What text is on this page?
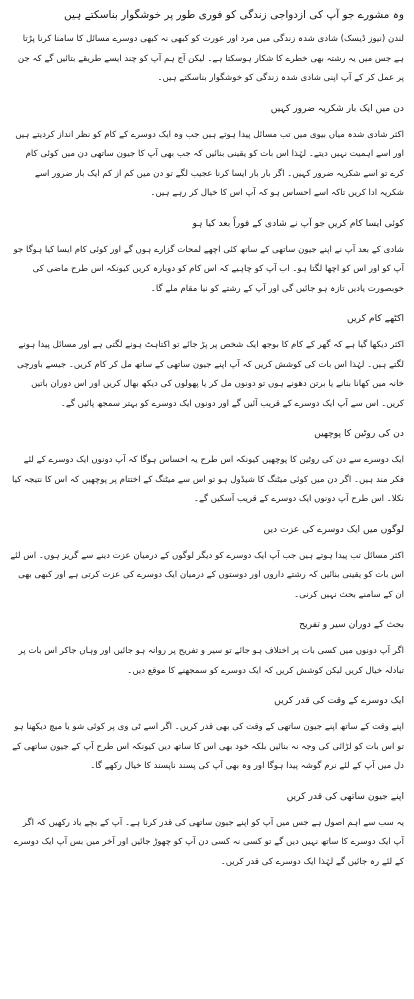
وہ مشورے جو آپ کی ازدواجی زندگی کو فوری طور پر خوشگوار بناسکتے ہیں

لندن (نیوز ڈیسک) شادی شدہ زندگی میں مرد اور عورت کو کبھی نہ کبھی دوسرے مسائل کا سامنا کرنا پڑتا ہے جس میں یہ رشتہ بھی خطرے کا شکار ہوسکتا ہے۔ لیکن آج ہم آپ کو چند ایسے طریقے بتائیں گے کہ جن پر عمل کر کے آپ اپنی شادی شدہ زندگی کو خوشگوار بناسکتے ہیں۔

دن میں ایک بار شکریہ ضرور کہیں

اکثر شادی شدہ میاں بیوی میں تب مسائل پیدا ہوتے ہیں جب وہ ایک دوسرے کے کام کو نظر انداز کردیتے ہیں اور اسے اہمیت نہیں دیتے۔ لہٰذا اس بات کو یقینی بنائیں کہ جب بھی آپ کا جیون ساتھی دن میں کوئی کام کرے تو اسے شکریہ ضرور کہیں۔ اگر بار بار ایسا کرنا عجیب لگے تو دن میں کم از کم ایک بار ضرور اسے شکریہ ادا کریں تاکہ اسے احساس ہو کہ آپ اس کا خیال کر رہے ہیں۔

کوئی ایسا کام کریں جو آپ نے شادی کے فوراً بعد کیا ہو

شادی کے بعد آپ نے اپنے جیون ساتھی کے ساتھ کئی اچھے لمحات گزارے ہوں گے اور کوئی کام ایسا کیا ہوگا جو آپ کو اور اس کو اچھا لگتا ہو۔ اب آپ کو چاہیے کہ اس کام کو دوبارہ کریں کیونکہ اس طرح ماضی کی خوبصورت یادیں تازہ ہو جائیں گی اور آپ کے رشتے کو نیا مقام ملے گا۔

اکٹھے کام کریں

اکثر دیکھا گیا ہے کہ گھر کے کام کا بوجھ ایک شخص پر پڑ جائے تو اکتاہٹ ہونے لگتی ہے اور مسائل پیدا ہونے لگتے ہیں۔ لہٰذا اس بات کی کوشش کریں کہ آپ اپنے جیون ساتھی کے ساتھ مل کر کام کریں۔ جیسے باورچی خانہ میں کھانا بنانے یا برتن دھونے ہوں تو دونوں مل کر یا پھولوں کی دیکھ بھال کریں اور اس دوران باتیں کریں۔ اس سے آپ ایک دوسرے کے قریب آئیں گے اور دونوں ایک دوسرے کو بہتر سمجھ پائیں گے۔

دن کی روٹین کا پوچھیں

ایک دوسرے سے دن کی روٹین کا پوچھیں کیونکہ اس طرح یہ احساس ہوگا کہ آپ دونوں ایک دوسرے کے لئے فکر مند ہیں۔ اگر دن میں کوئی میٹنگ کا شیڈول ہو تو اس سے میٹنگ کے اختتام پر پوچھیں کہ اس کا نتیجہ کیا نکلا۔ اس طرح آپ دونوں ایک دوسرے کے قریب آسکیں گے۔

لوگوں میں ایک دوسرے کی عزت دیں

اکثر مسائل تب پیدا ہوتے ہیں جب آپ ایک دوسرے کو دیگر لوگوں کے درمیان عزت دینے سے گریز ہوں۔ اس لئے اس بات کو یقینی بنائیں کہ رشتے داروں اور دوستوں کے درمیان ایک دوسرے کی عزت کرتی ہے اور کبھی بھی ان کے سامنے بحث نہیں کرنی۔

بحث کے دوران سیر و تفریح

اگر آپ دونوں میں کسی بات پر اختلاف ہو جائے تو سیر و تفریح پر روانہ ہو جائیں اور وہاں جاکر اس بات پر تبادلہ خیال کریں لیکن کوشش کریں کہ ایک دوسرے کو سمجھنے کا موقع دیں۔

ایک دوسرے کے وقت کی قدر کریں

اپنے وقت کے ساتھ اپنے جیون ساتھی کے وقت کی بھی قدر کریں۔ اگر اسے ٹی وی پر کوئی شو یا میچ دیکھنا ہو تو اس بات کو لڑائی کی وجہ نہ بنائیں بلکہ خود بھی اس کا ساتھ دیں کیونکہ اس طرح آپ کے جیون ساتھی کے دل میں آپ کے لئے نرم گوشہ پیدا ہوگا اور وہ بھی آپ کی پسند ناپسند کا خیال رکھے گا۔

اپنے جیون ساتھی کی قدر کریں

یہ سب سے اہم اصول ہے جس میں آپ کو اپنے جیون ساتھی کی قدر کرنا ہے۔ آپ کے بچے یاد رکھیں کہ اگر آپ ایک دوسرے کا ساتھ نہیں دیں گے تو کسی نہ کسی دن آپ کو چھوڑ جائیں اور آخر میں بس آپ ایک دوسرے کے لئے رہ جائیں گے لہٰذا ایک دوسرے کی قدر کریں۔
